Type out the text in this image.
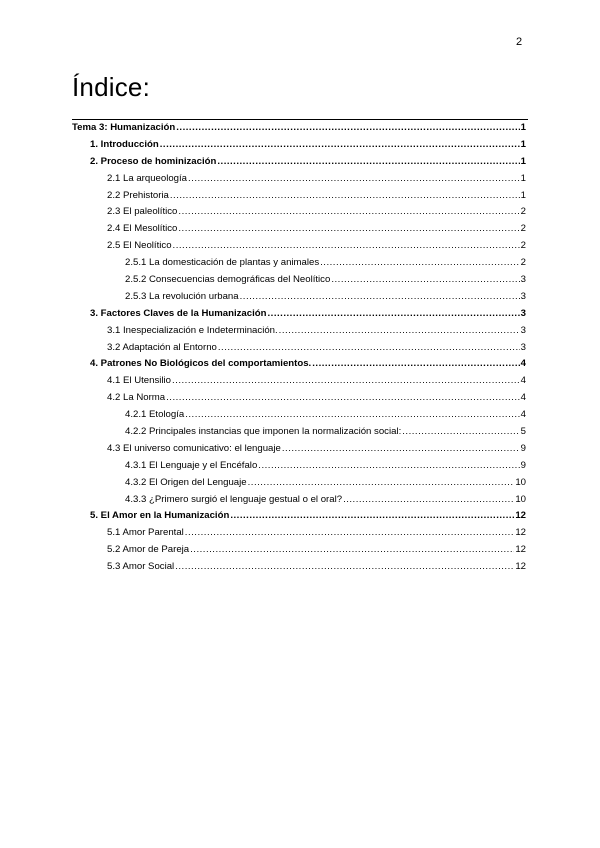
2
Índice:
Tema 3: Humanización .....	1
1. Introducción .....	1
2. Proceso de hominización .....	1
2.1 La arqueología .....	1
2.2 Prehistoria .....	1
2.3 El paleolítico .....	2
2.4 El Mesolítico .....	2
2.5 El Neolítico .....	2
2.5.1 La domesticación de plantas y animales .....	2
2.5.2 Consecuencias demográficas del Neolítico .....	3
2.5.3 La revolución urbana .....	3
3. Factores Claves de la Humanización .....	3
3.1 Inespecialización e Indeterminación. .....	3
3.2 Adaptación al Entorno .....	3
4. Patrones No Biológicos del comportamientos. .....	4
4.1 El Utensilio .....	4
4.2 La Norma .....	4
4.2.1 Etología .....	4
4.2.2 Principales instancias que imponen la normalización social: .....	5
4.3 El universo comunicativo: el lenguaje .....	9
4.3.1 El Lenguaje y el Encéfalo .....	9
4.3.2 El Origen del Lenguaje .....	10
4.3.3 ¿Primero surgió el lenguaje gestual o el oral? .....	10
5. El Amor en la Humanización .....	12
5.1 Amor Parental .....	12
5.2 Amor de Pareja .....	12
5.3 Amor Social .....	12
